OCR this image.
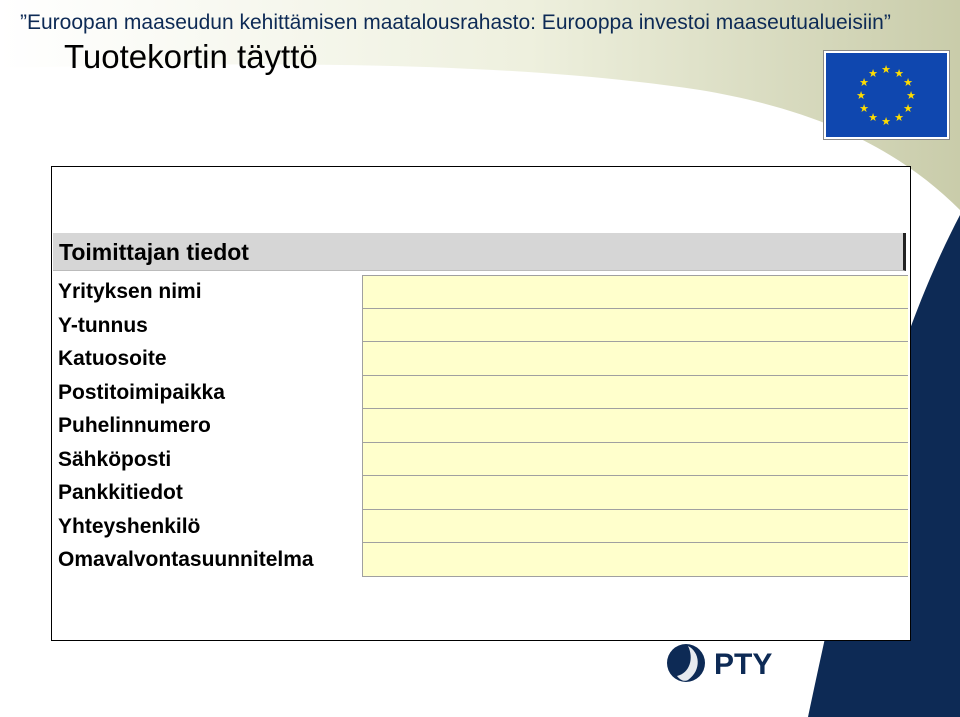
”Euroopan maaseudun kehittämisen maatalousrahasto: Eurooppa investoi maaseutualueisiin”
Tuotekortin täyttö	★ ★
★
★
★
★
★
★
★
★
★
★
Toimittajan tiedot
Yrityksen nimi
Y-tunnus
Katuosoite
Postitoimipaikka
Puhelinnumero
Sähköposti
Pankkitiedot
Yhteyshenkilö
Omavalvontasuunnitelma
PTY
